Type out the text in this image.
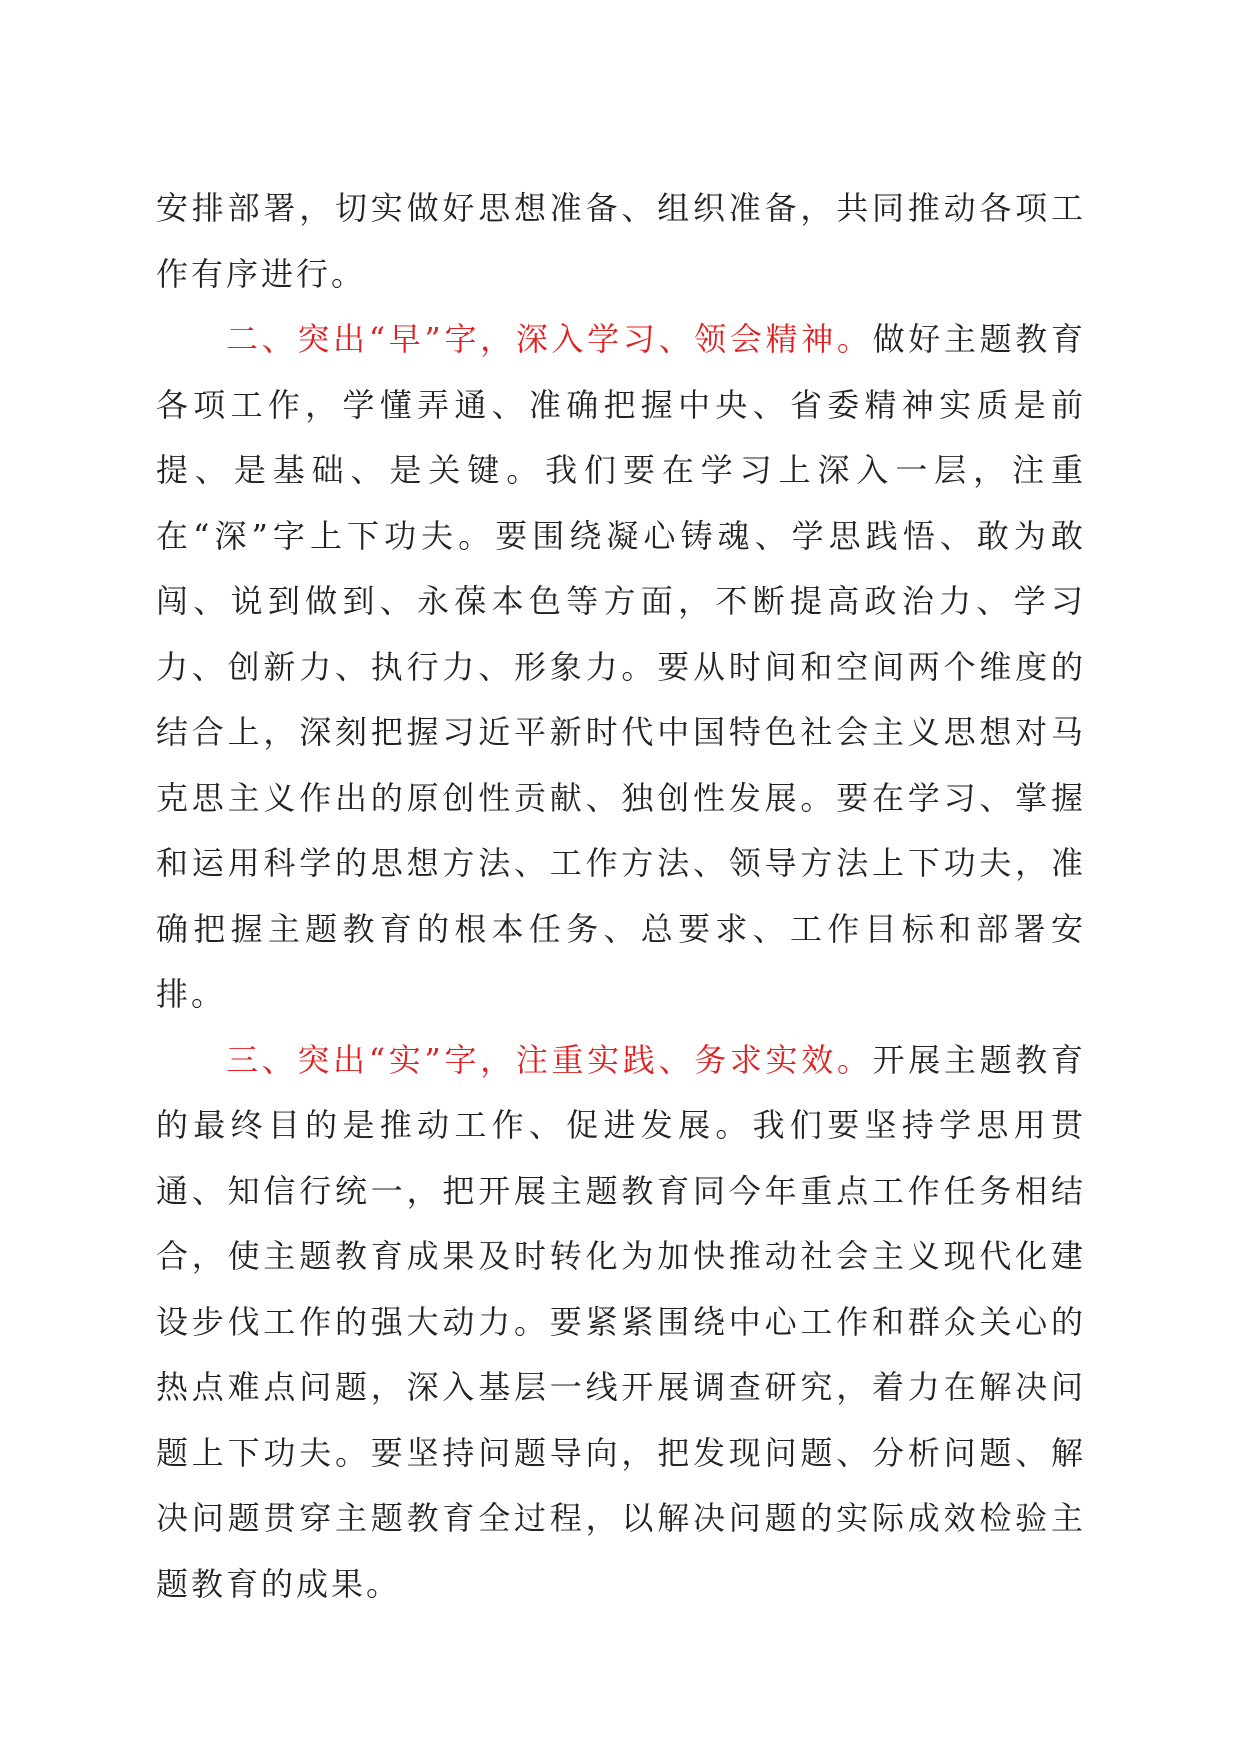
安排部署，切实做好思想准备、组织准备，共同推动各项工作有序进行。

二、突出“早”字，深入学习、领会精神。做好主题教育各项工作，学懂弄通、准确把握中央、省委精神实质是前提、是基础、是关键。我们要在学习上深入一层，注重在“深”字上下功夫。要围绕凝心铸魂、学思践悟、敢为敢闯、说到做到、永葆本色等方面，不断提高政治力、学习力、创新力、执行力、形象力。要从时间和空间两个维度的结合上，深刻把握习近平新时代中国特色社会主义思想对马克思主义作出的原创性贡献、独创性发展。要在学习、掌握和运用科学的思想方法、工作方法、领导方法上下功夫，准确把握主题教育的根本任务、总要求、工作目标和部署安排。

三、突出“实”字，注重实践、务求实效。开展主题教育的最终目的是推动工作、促进发展。我们要坚持学思用贯通、知信行统一，把开展主题教育同今年重点工作任务相结合，使主题教育成果及时转化为加快推动社会主义现代化建设步伐工作的强大动力。要紧紧围绕中心工作和群众关心的热点难点问题，深入基层一线开展调查研究，着力在解决问题上下功夫。要坚持问题导向，把发现问题、分析问题、解决问题贯穿主题教育全过程，以解决问题的实际成效检验主题教育的成果。
